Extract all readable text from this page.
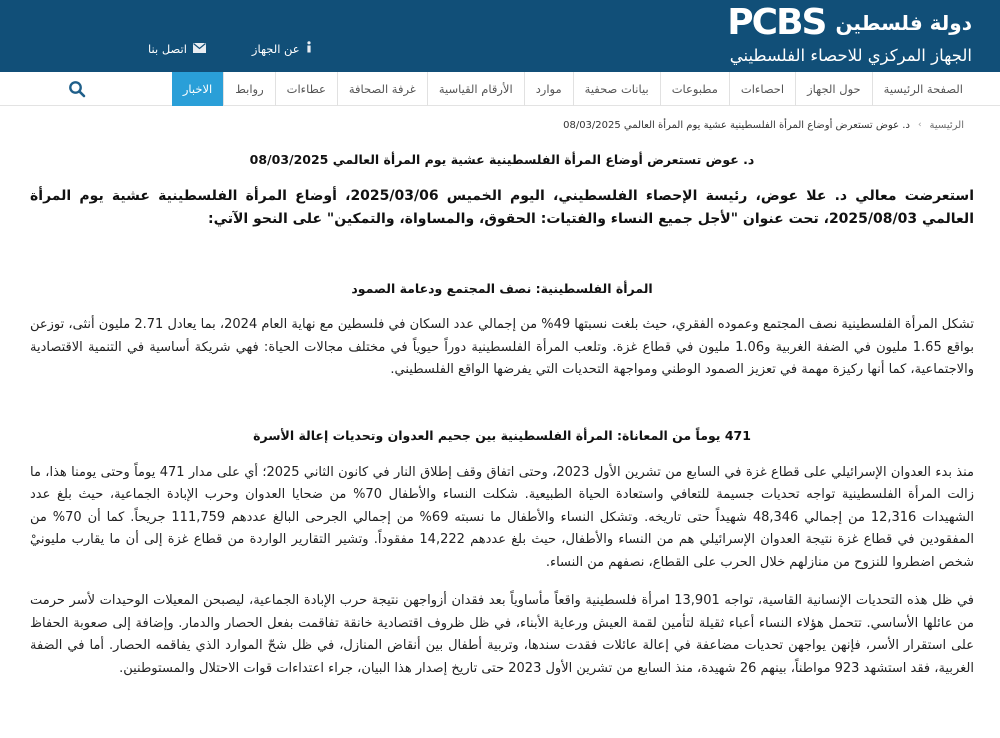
دولة فلسطين
PCBS
الجهاز المركزي للاحصاء الفلسطيني
اتصل بنا	عن الجهاز
الصفحة الرئيسية
حول الجهاز
احصاءات
مطبوعات
بيانات صحفية
موارد
الأرقام القياسية
غرفة الصحافة
عطاءات
روابط
الاخبار
الرئيسية
›
د. عوض تستعرض أوضاع المرأة الفلسطينية عشية يوم المرأة العالمي 08/03/2025
د. عوض تستعرض أوضاع المرأة الفلسطينية عشية يوم المرأة العالمي 08/03/2025
استعرضت معالي د. علا عوض، رئيسة الإحصاء الفلسطيني، اليوم الخميس 2025/03/06، أوضاع المرأة الفلسطينية عشية يوم المرأة العالمي 2025/08/03، تحت عنوان "لأجل جميع النساء والفتيات: الحقوق، والمساواة، والتمكين" على النحو الآتي:
المرأة الفلسطينية: نصف المجتمع ودعامة الصمود
تشكل المرأة الفلسطينية نصف المجتمع وعموده الفقري، حيث بلغت نسبتها 49% من إجمالي عدد السكان في فلسطين مع نهاية العام 2024، بما يعادل 2.71 مليون أنثى، توزعن بواقع 1.65 مليون في الضفة الغربية و1.06 مليون في قطاع غزة. وتلعب المرأة الفلسطينية دوراً حيوياً في مختلف مجالات الحياة: فهي شريكة أساسية في التنمية الاقتصادية والاجتماعية، كما أنها ركيزة مهمة في تعزيز الصمود الوطني ومواجهة التحديات التي يفرضها الواقع الفلسطيني.
471 يوماً من المعاناة: المرأة الفلسطينية بين جحيم العدوان وتحديات إعالة الأسرة
منذ بدء العدوان الإسرائيلي على قطاع غزة في السابع من تشرين الأول 2023، وحتى اتفاق وقف إطلاق النار في كانون الثاني 2025؛ أي على مدار 471 يوماً وحتى يومنا هذا، ما زالت المرأة الفلسطينية تواجه تحديات جسيمة للتعافي واستعادة الحياة الطبيعية. شكلت النساء والأطفال 70% من ضحايا العدوان وحرب الإبادة الجماعية، حيث بلغ عدد الشهيدات 12,316 من إجمالي 48,346 شهيداً حتى تاريخه. وتشكل النساء والأطفال ما نسبته 69% من إجمالي الجرحى البالغ عددهم 111,759 جريحاً. كما أن 70% من المفقودين في قطاع غزة نتيجة العدوان الإسرائيلي هم من النساء والأطفال، حيث بلغ عددهم 14,222 مفقوداً. وتشير التقارير الواردة من قطاع غزة إلى أن ما يقارب مليونيْ شخص اضطروا للنزوح من منازلهم خلال الحرب على القطاع، نصفهم من النساء.
في ظل هذه التحديات الإنسانية القاسية، تواجه 13,901 امرأة فلسطينية واقعاً مأساوياً بعد فقدان أزواجهن نتيجة حرب الإبادة الجماعية، ليصبحن المعيلات الوحيدات لأسر حرمت من عائلها الأساسي. تتحمل هؤلاء النساء أعباء ثقيلة لتأمين لقمة العيش ورعاية الأبناء، في ظل ظروف اقتصادية خانقة تفاقمت بفعل الحصار والدمار. وإضافة إلى صعوبة الحفاظ على استقرار الأسر، فإنهن يواجهن تحديات مضاعفة في إعالة عائلات فقدت سندها، وتربية أطفال بين أنقاض المنازل، في ظل شحّ الموارد الذي يفاقمه الحصار. أما في الضفة الغربية، فقد استشهد 923 مواطناً، بينهم 26 شهيدة، منذ السابع من تشرين الأول 2023 حتى تاريخ إصدار هذا البيان، جراء اعتداءات قوات الاحتلال والمستوطنين.
